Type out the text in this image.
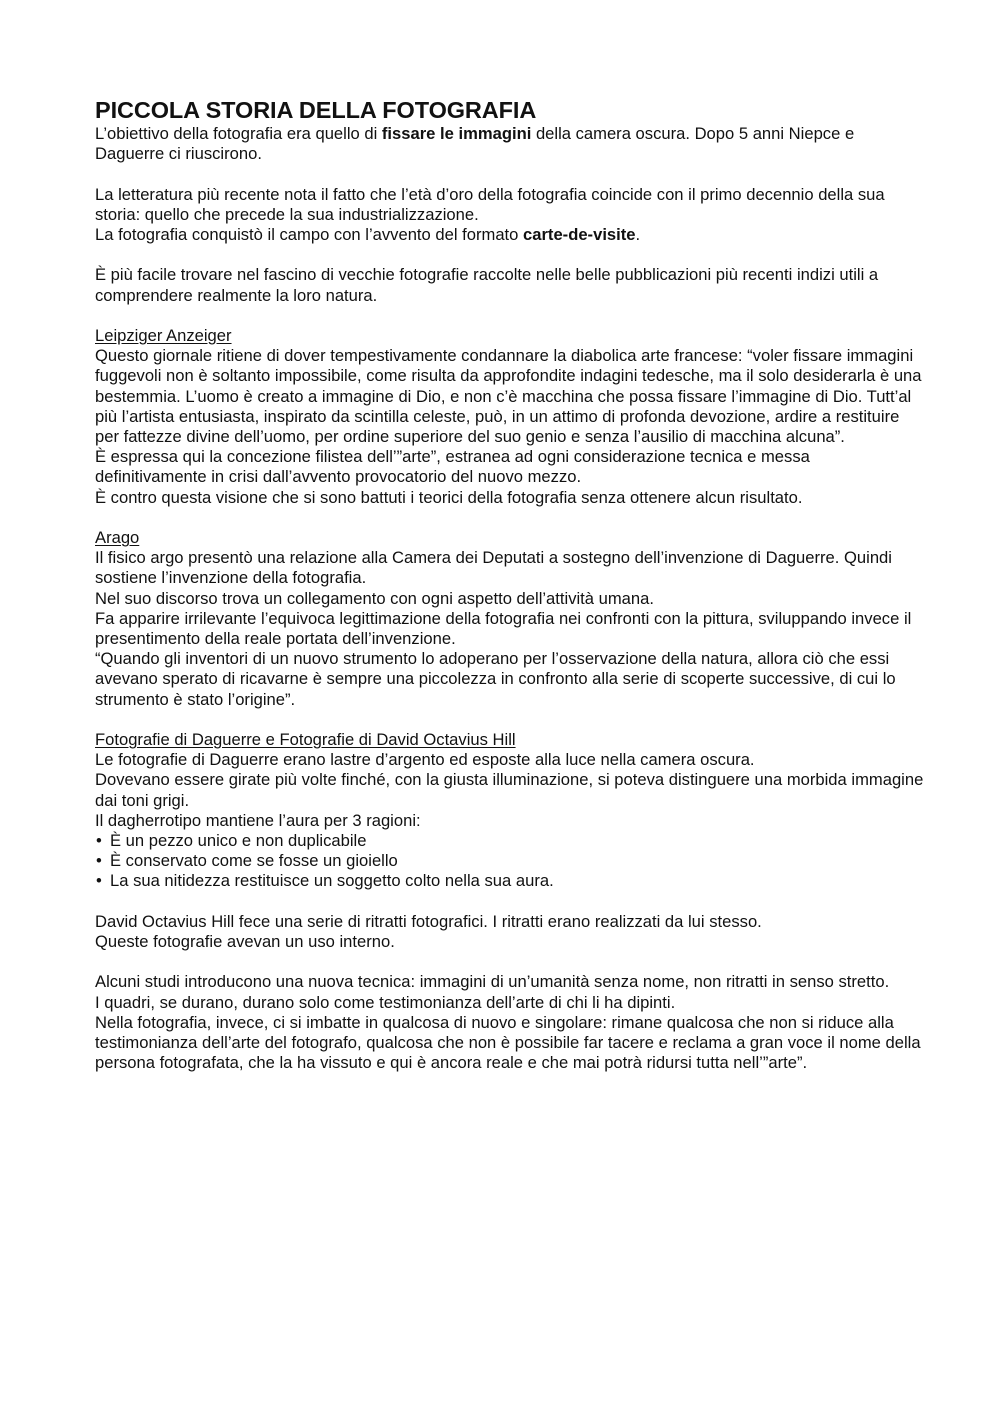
PICCOLA STORIA DELLA FOTOGRAFIA

L’obiettivo della fotografia era quello di fissare le immagini della camera oscura. Dopo 5 anni Niepce e Daguerre ci riuscirono.

La letteratura più recente nota il fatto che l’età d’oro della fotografia coincide con il primo decennio della sua storia: quello che precede la sua industrializzazione.

La fotografia conquistò il campo con l’avvento del formato carte-de-visite.

È più facile trovare nel fascino di vecchie fotografie raccolte nelle belle pubblicazioni più recenti indizi utili a comprendere realmente la loro natura.

Leipziger Anzeiger

Questo giornale ritiene di dover tempestivamente condannare la diabolica arte francese: “voler fissare immagini fuggevoli non è soltanto impossibile, come risulta da approfondite indagini tedesche, ma il solo desiderarla è una bestemmia. L’uomo è creato a immagine di Dio, e non c’è macchina che possa fissare l’immagine di Dio. Tutt’al più l’artista entusiasta, inspirato da scintilla celeste, può, in un attimo di profonda devozione, ardire a restituire per fattezze divine dell’uomo, per ordine superiore del suo genio e senza l’ausilio di macchina alcuna”.

È espressa qui la concezione filistea dell’”arte”, estranea ad ogni considerazione tecnica e messa definitivamente in crisi dall’avvento provocatorio del nuovo mezzo.

È contro questa visione che si sono battuti i teorici della fotografia senza ottenere alcun risultato.

Arago

Il fisico argo presentò una relazione alla Camera dei Deputati a sostegno dell’invenzione di Daguerre. Quindi sostiene l’invenzione della fotografia.

Nel suo discorso trova un collegamento con ogni aspetto dell’attività umana.

Fa apparire irrilevante l’equivoca legittimazione della fotografia nei confronti con la pittura, sviluppando invece il presentimento della reale portata dell’invenzione.

“Quando gli inventori di un nuovo strumento lo adoperano per l’osservazione della natura, allora ciò che essi avevano sperato di ricavarne è sempre una piccolezza in confronto alla serie di scoperte successive, di cui lo strumento è stato l’origine”.

Fotografie di Daguerre e Fotografie di David Octavius Hill

Le fotografie di Daguerre erano lastre d’argento ed esposte alla luce nella camera oscura.

Dovevano essere girate più volte finché, con la giusta illuminazione, si poteva distinguere una morbida immagine dai toni grigi.

Il dagherrotipo mantiene l’aura per 3 ragioni:

• È un pezzo unico e non duplicabile
• È conservato come se fosse un gioiello
• La sua nitidezza restituisce un soggetto colto nella sua aura.

David Octavius Hill fece una serie di ritratti fotografici. I ritratti erano realizzati da lui stesso.

Queste fotografie avevan un uso interno.

Alcuni studi introducono una nuova tecnica: immagini di un’umanità senza nome, non ritratti in senso stretto.

I quadri, se durano, durano solo come testimonianza dell’arte di chi li ha dipinti.

Nella fotografia, invece, ci si imbatte in qualcosa di nuovo e singolare: rimane qualcosa che non si riduce alla testimonianza dell’arte del fotografo, qualcosa che non è possibile far tacere e reclama a gran voce il nome della persona fotografata, che la ha vissuto e qui è ancora reale e che mai potrà ridursi tutta nell’”arte”.
